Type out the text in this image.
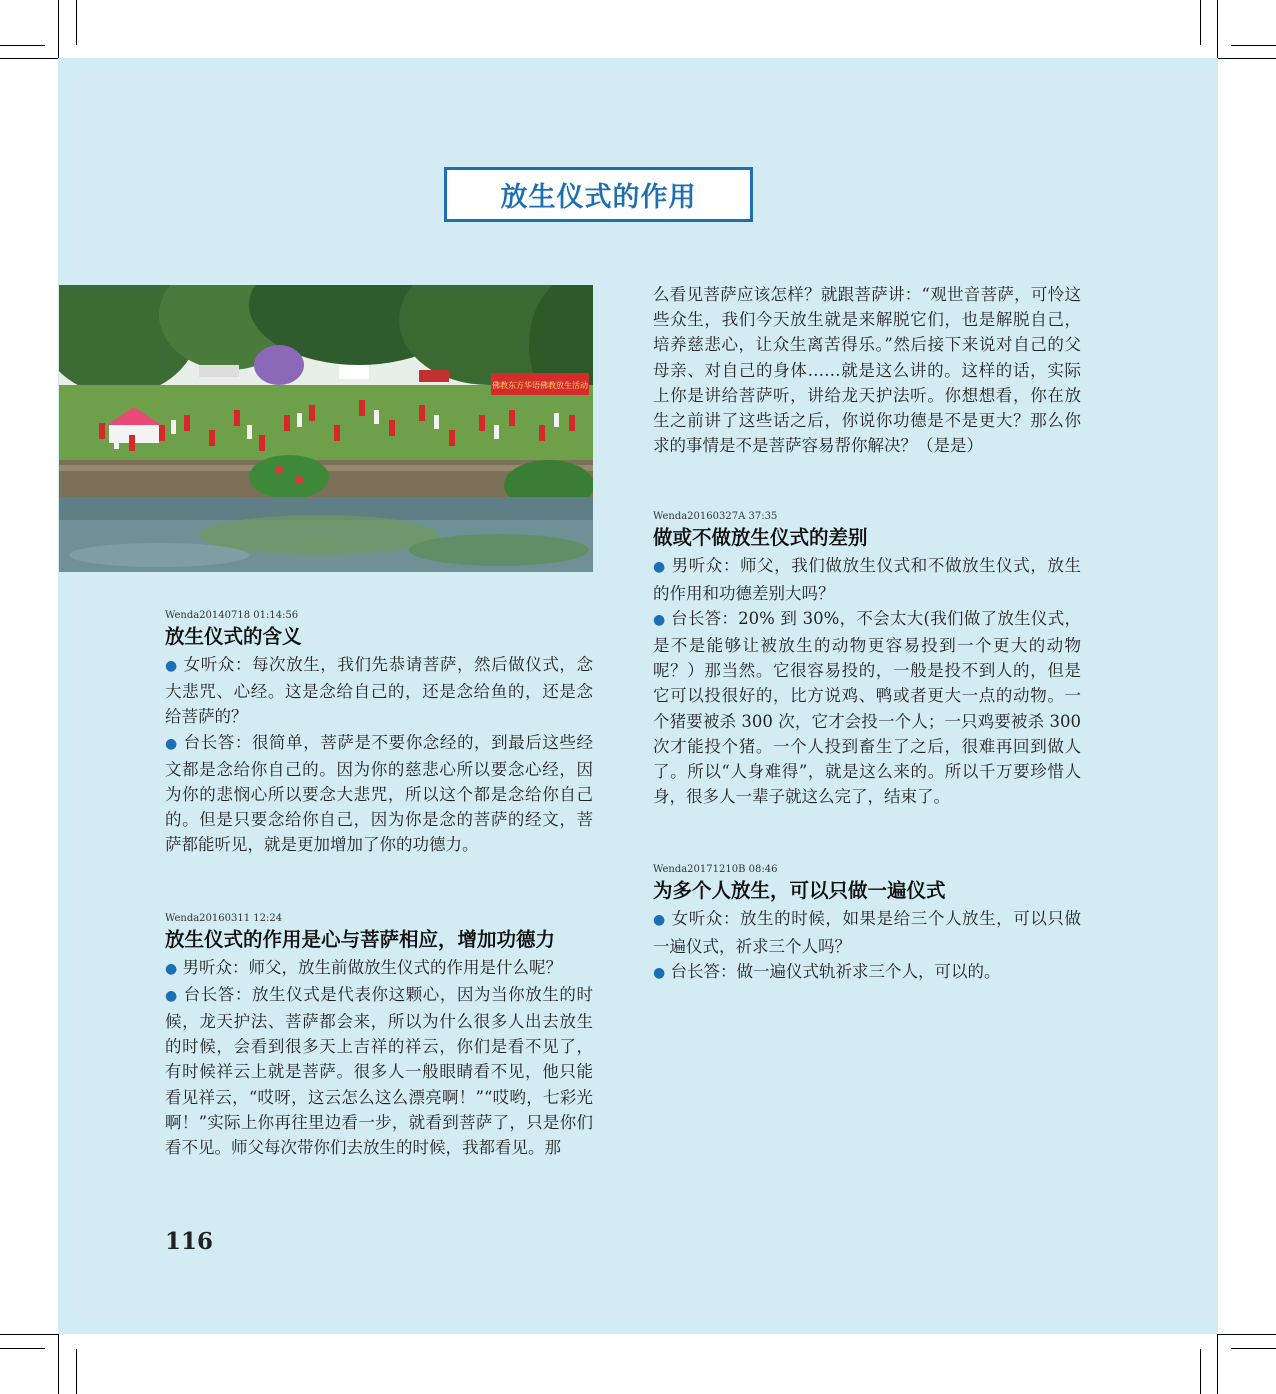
放生仪式的作用
佛教东方华语佛教放生活动

Wenda20140718 01:14:56

放生仪式的含义

● 女听众：每次放生，我们先恭请菩萨，然后做仪式，念大悲咒、心经。这是念给自己的，还是念给鱼的，还是念给菩萨的？

● 台长答：很简单，菩萨是不要你念经的，到最后这些经文都是念给你自己的。因为你的慈悲心所以要念心经，因为你的悲悯心所以要念大悲咒，所以这个都是念给你自己的。但是只要念给你自己，因为你是念的菩萨的经文，菩萨都能听见，就是更加增加了你的功德力。

Wenda20160311 12:24

放生仪式的作用是心与菩萨相应，增加功德力

● 男听众：师父，放生前做放生仪式的作用是什么呢？

● 台长答：放生仪式是代表你这颗心，因为当你放生的时候，龙天护法、菩萨都会来，所以为什么很多人出去放生的时候，会看到很多天上吉祥的祥云，你们是看不见了，有时候祥云上就是菩萨。很多人一般眼睛看不见，他只能看见祥云，“哎呀，这云怎么这么漂亮啊！”“哎哟，七彩光啊！”实际上你再往里边看一步，就看到菩萨了，只是你们看不见。师父每次带你们去放生的时候，我都看见。那

么看见菩萨应该怎样？就跟菩萨讲：“观世音菩萨，可怜这些众生，我们今天放生就是来解脱它们，也是解脱自己，培养慈悲心，让众生离苦得乐。”然后接下来说对自己的父母亲、对自己的身体……就是这么讲的。这样的话，实际上你是讲给菩萨听，讲给龙天护法听。你想想看，你在放生之前讲了这些话之后，你说你功德是不是更大？那么你求的事情是不是菩萨容易帮你解决？（是是）

Wenda20160327A 37:35

做或不做放生仪式的差别

● 男听众：师父，我们做放生仪式和不做放生仪式，放生的作用和功德差别大吗？

● 台长答：20% 到 30%，不会太大(我们做了放生仪式，是不是能够让被放生的动物更容易投到一个更大的动物呢？）那当然。它很容易投的，一般是投不到人的，但是它可以投很好的，比方说鸡、鸭或者更大一点的动物。一个猪要被杀 300 次，它才会投一个人；一只鸡要被杀 300 次才能投个猪。一个人投到畜生了之后，很难再回到做人了。所以“人身难得”，就是这么来的。所以千万要珍惜人身，很多人一辈子就这么完了，结束了。

Wenda20171210B 08:46

为多个人放生，可以只做一遍仪式

● 女听众：放生的时候，如果是给三个人放生，可以只做一遍仪式，祈求三个人吗？

● 台长答：做一遍仪式轨祈求三个人，可以的。

116
